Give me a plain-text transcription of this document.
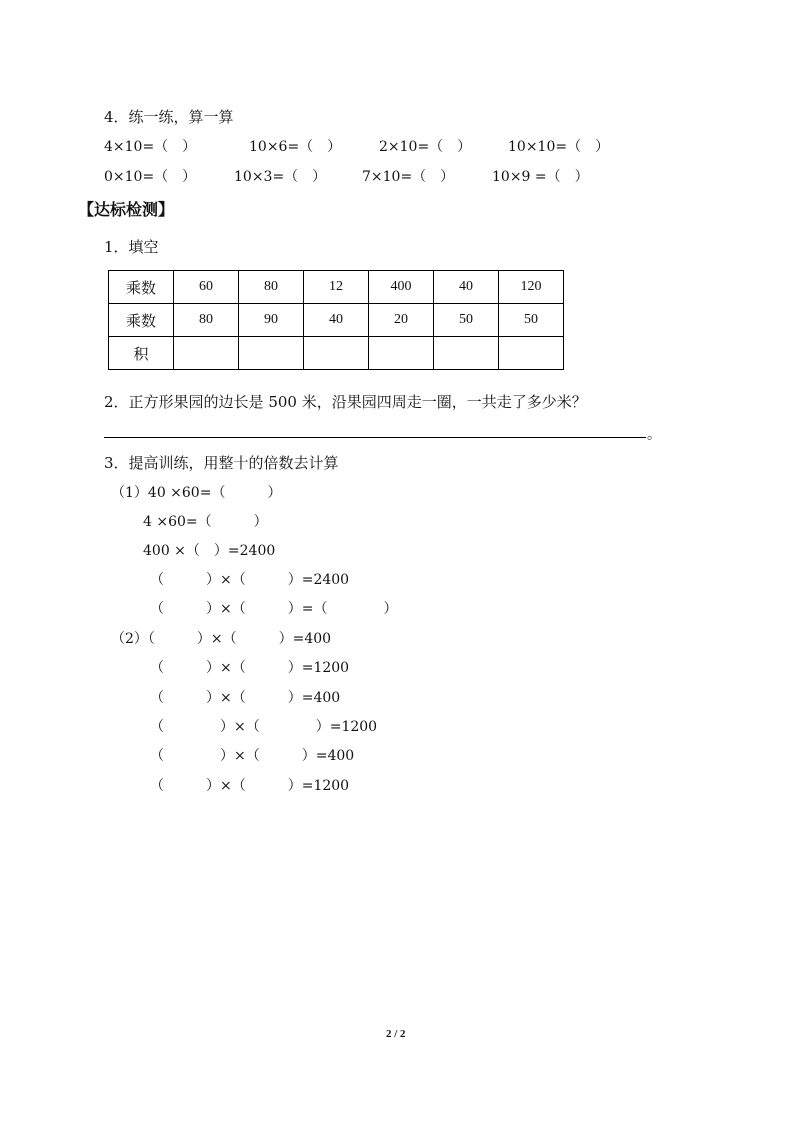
4．练一练，算一算
4×10=（　）	10×6=（　）	2×10=（　）	10×10=（　）
0×10=（　）	10×3=（　）	7×10=（　）	10×9 =（　）
【达标检测】
1．填空
乘数	60	80	12	400	40	120
乘数	80	90	40	20	50	50
积						
2．正方形果园的边长是 500 米，沿果园四周走一圈，一共走了多少米？
。
3．提高训练，用整十的倍数去计算
（1）40 ×60=（　　　）
4 ×60=（　　　）
400 ×（　）=2400
（　　　）×（　　　）=2400
（　　　）×（　　　）=（　　　　）
（2）（　　　）×（　　　）=400
（　　　）×（　　　）=1200
（　　　）×（　　　）=400
（　　　　）×（　　　　）=1200
（　　　　）×（　　　）=400
（　　　）×（　　　）=1200
2 / 2
